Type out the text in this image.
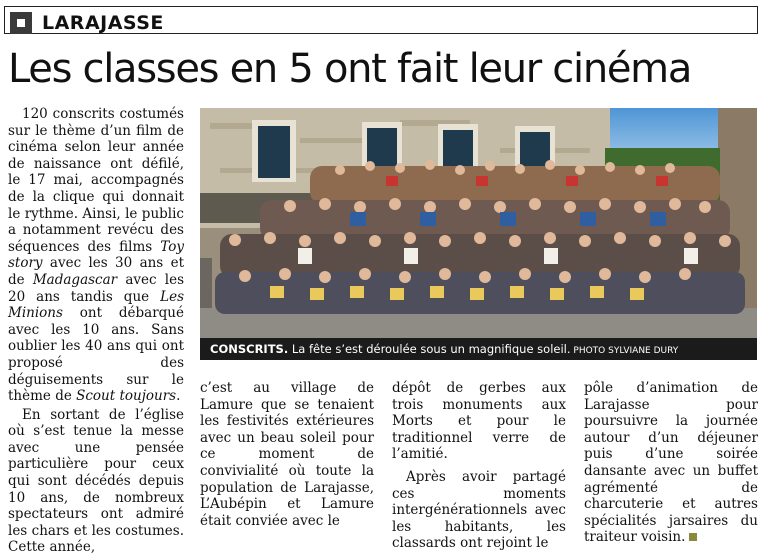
LARAJASSE
Les classes en 5 ont fait leur cinéma

120 conscrits costumés sur le thème d’un film de cinéma selon leur année de naissance ont défilé, le 17 mai, accompagnés de la clique qui donnait le rythme. Ainsi, le public a notamment revécu des séquences des films Toy story avec les 30 ans et de Madagascar avec les 20 ans tandis que Les Minions ont débarqué avec les 10 ans. Sans oublier les 40 ans qui ont proposé des déguisements sur le thème de Scout toujours.

En sortant de l’église où s’est tenue la messe avec une pensée particulière pour ceux qui sont décédés depuis 10 ans, de nombreux spectateurs ont admiré les chars et les costumes. Cette année,

CONSCRITS. La fête s’est déroulée sous un magnifique soleil. PHOTO SYLVIANE DURY

c’est au village de Lamure que se tenaient les festivités extérieures avec un beau soleil pour ce moment de convivialité où toute la population de Larajasse, L’Aubépin et Lamure était conviée avec le

dépôt de gerbes aux trois monuments aux Morts et pour le traditionnel verre de l’amitié.

Après avoir partagé ces moments intergénérationnels avec les habitants, les classards ont rejoint le

pôle d’animation de Larajasse pour poursuivre la journée autour d’un déjeuner puis d’une soirée dansante avec un buffet agrémenté de charcuterie et autres spécialités jarsaires du traiteur voisin.
